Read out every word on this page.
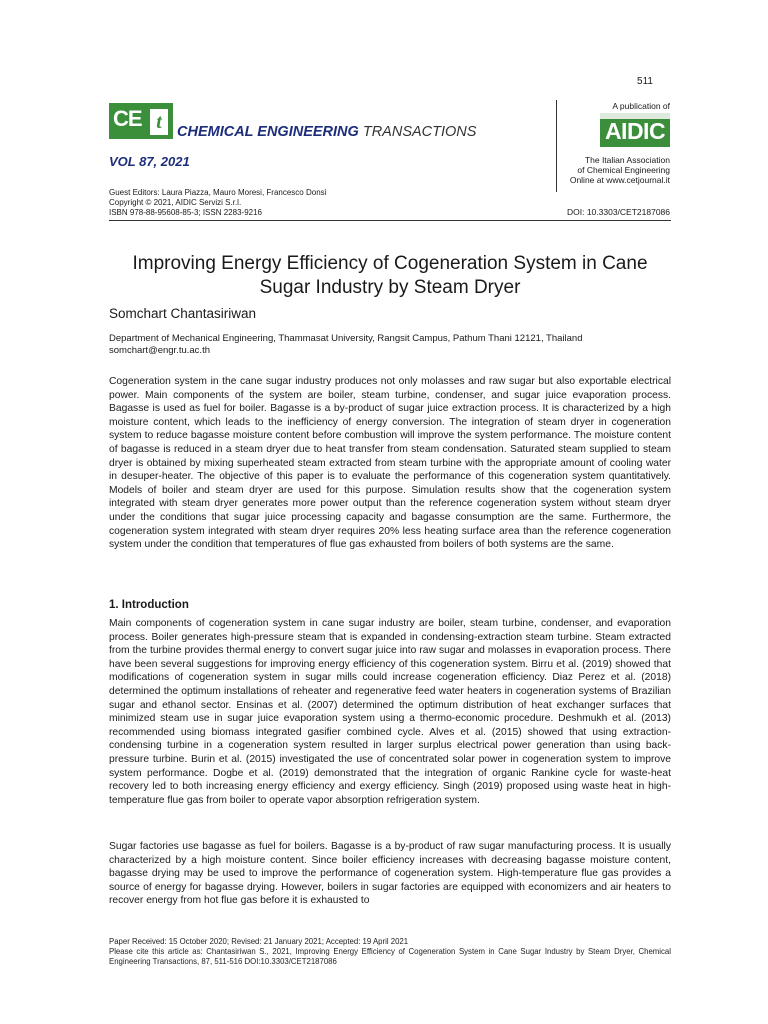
511
CE t	CHEMICAL ENGINEERING TRANSACTIONS
VOL 87, 2021
A publication of
AIDIC
The Italian Association
of Chemical Engineering
Online at www.cetjournal.it
Guest Editors: Laura Piazza, Mauro Moresi, Francesco Donsì
Copyright © 2021, AIDIC Servizi S.r.l.
ISBN 978-88-95608-85-3; ISSN 2283-9216	DOI: 10.3303/CET2187086
Improving Energy Efficiency of Cogeneration System in Cane
Sugar Industry by Steam Dryer
Somchart Chantasiriwan
Department of Mechanical Engineering, Thammasat University, Rangsit Campus, Pathum Thani 12121, Thailand
somchart@engr.tu.ac.th
Cogeneration system in the cane sugar industry produces not only molasses and raw sugar but also exportable electrical power. Main components of the system are boiler, steam turbine, condenser, and sugar juice evaporation process. Bagasse is used as fuel for boiler. Bagasse is a by-product of sugar juice extraction process. It is characterized by a high moisture content, which leads to the inefficiency of energy conversion. The integration of steam dryer in cogeneration system to reduce bagasse moisture content before combustion will improve the system performance. The moisture content of bagasse is reduced in a steam dryer due to heat transfer from steam condensation. Saturated steam supplied to steam dryer is obtained by mixing superheated steam extracted from steam turbine with the appropriate amount of cooling water in desuper-heater. The objective of this paper is to evaluate the performance of this cogeneration system quantitatively. Models of boiler and steam dryer are used for this purpose. Simulation results show that the cogeneration system integrated with steam dryer generates more power output than the reference cogeneration system without steam dryer under the conditions that sugar juice processing capacity and bagasse consumption are the same. Furthermore, the cogeneration system integrated with steam dryer requires 20% less heating surface area than the reference cogeneration system under the condition that temperatures of flue gas exhausted from boilers of both systems are the same.
1. Introduction
Main components of cogeneration system in cane sugar industry are boiler, steam turbine, condenser, and evaporation process. Boiler generates high-pressure steam that is expanded in condensing-extraction steam turbine. Steam extracted from the turbine provides thermal energy to convert sugar juice into raw sugar and molasses in evaporation process. There have been several suggestions for improving energy efficiency of this cogeneration system. Birru et al. (2019) showed that modifications of cogeneration system in sugar mills could increase cogeneration efficiency. Diaz Perez et al. (2018) determined the optimum installations of reheater and regenerative feed water heaters in cogeneration systems of Brazilian sugar and ethanol sector. Ensinas et al. (2007) determined the optimum distribution of heat exchanger surfaces that minimized steam use in sugar juice evaporation system using a thermo-economic procedure. Deshmukh et al. (2013) recommended using biomass integrated gasifier combined cycle. Alves et al. (2015) showed that using extraction-condensing turbine in a cogeneration system resulted in larger surplus electrical power generation than using back-pressure turbine. Burin et al. (2015) investigated the use of concentrated solar power in cogeneration system to improve system performance. Dogbe et al. (2019) demonstrated that the integration of organic Rankine cycle for waste-heat recovery led to both increasing energy efficiency and exergy efficiency. Singh (2019) proposed using waste heat in high-temperature flue gas from boiler to operate vapor absorption refrigeration system.
Sugar factories use bagasse as fuel for boilers. Bagasse is a by-product of raw sugar manufacturing process. It is usually characterized by a high moisture content. Since boiler efficiency increases with decreasing bagasse moisture content, bagasse drying may be used to improve the performance of cogeneration system. High-temperature flue gas provides a source of energy for bagasse drying. However, boilers in sugar factories are equipped with economizers and air heaters to recover energy from hot flue gas before it is exhausted to
Paper Received: 15 October 2020; Revised: 21 January 2021; Accepted: 19 April 2021
Please cite this article as: Chantasiriwan S., 2021, Improving Energy Efficiency of Cogeneration System in Cane Sugar Industry by Steam Dryer, Chemical Engineering Transactions, 87, 511-516 DOI:10.3303/CET2187086
